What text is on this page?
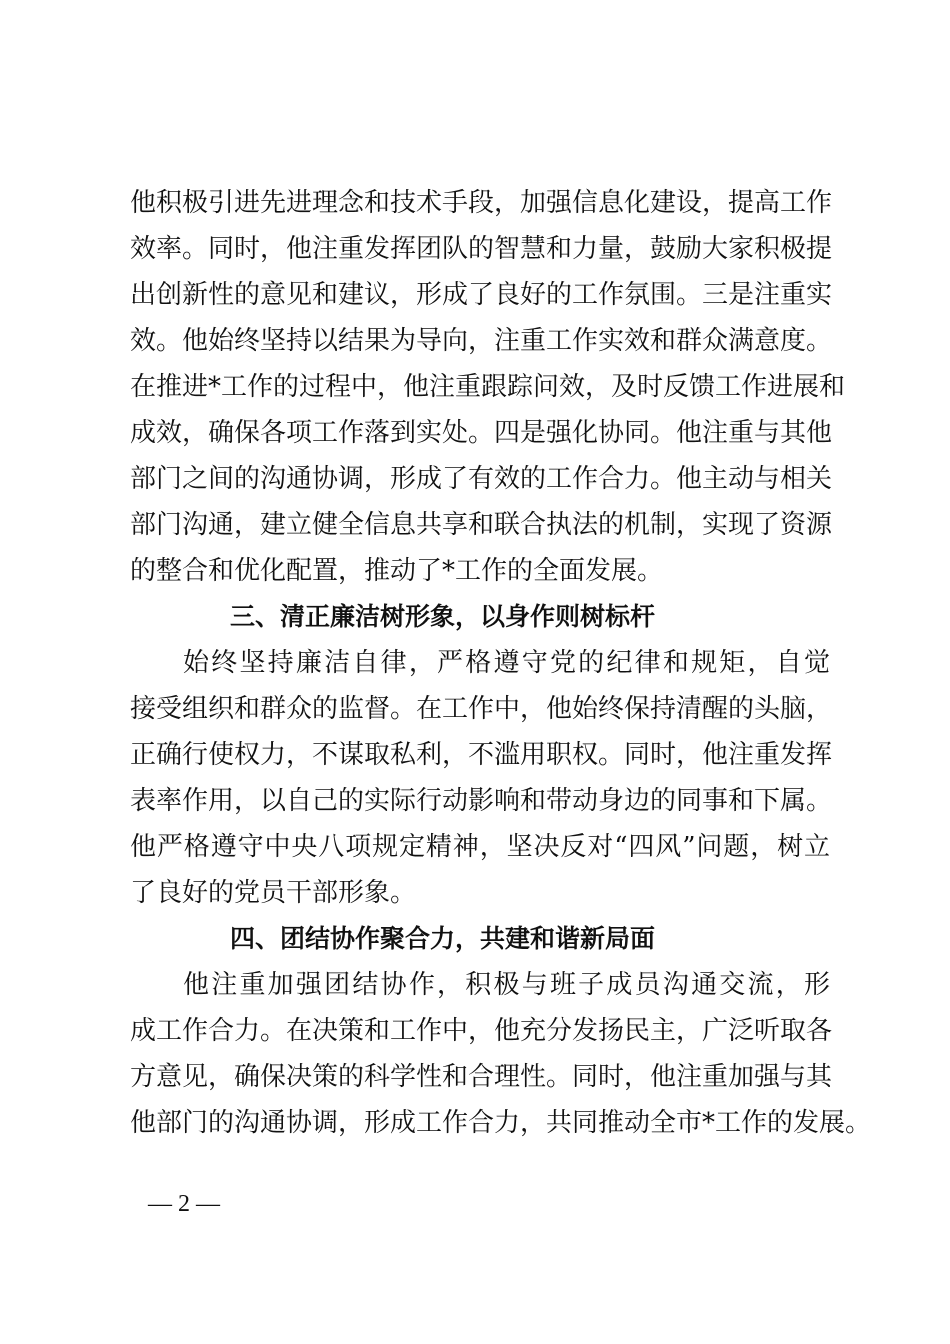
他积极引进先进理念和技术手段，加强信息化建设，提高工作
效率。同时，他注重发挥团队的智慧和力量，鼓励大家积极提
出创新性的意见和建议，形成了良好的工作氛围。三是注重实
效。他始终坚持以结果为导向，注重工作实效和群众满意度。
在推进*工作的过程中，他注重跟踪问效，及时反馈工作进展和
成效，确保各项工作落到实处。四是强化协同。他注重与其他
部门之间的沟通协调，形成了有效的工作合力。他主动与相关
部门沟通，建立健全信息共享和联合执法的机制，实现了资源
的整合和优化配置，推动了*工作的全面发展。
三、清正廉洁树形象，以身作则树标杆
始终坚持廉洁自律，严格遵守党的纪律和规矩，自觉
接受组织和群众的监督。在工作中，他始终保持清醒的头脑，
正确行使权力，不谋取私利，不滥用职权。同时，他注重发挥
表率作用，以自己的实际行动影响和带动身边的同事和下属。
他严格遵守中央八项规定精神，坚决反对“四风”问题，树立
了良好的党员干部形象。
四、团结协作聚合力，共建和谐新局面
他注重加强团结协作，积极与班子成员沟通交流，形
成工作合力。在决策和工作中，他充分发扬民主，广泛听取各
方意见，确保决策的科学性和合理性。同时，他注重加强与其
他部门的沟通协调，形成工作合力，共同推动全市*工作的发展。
— 2 —
